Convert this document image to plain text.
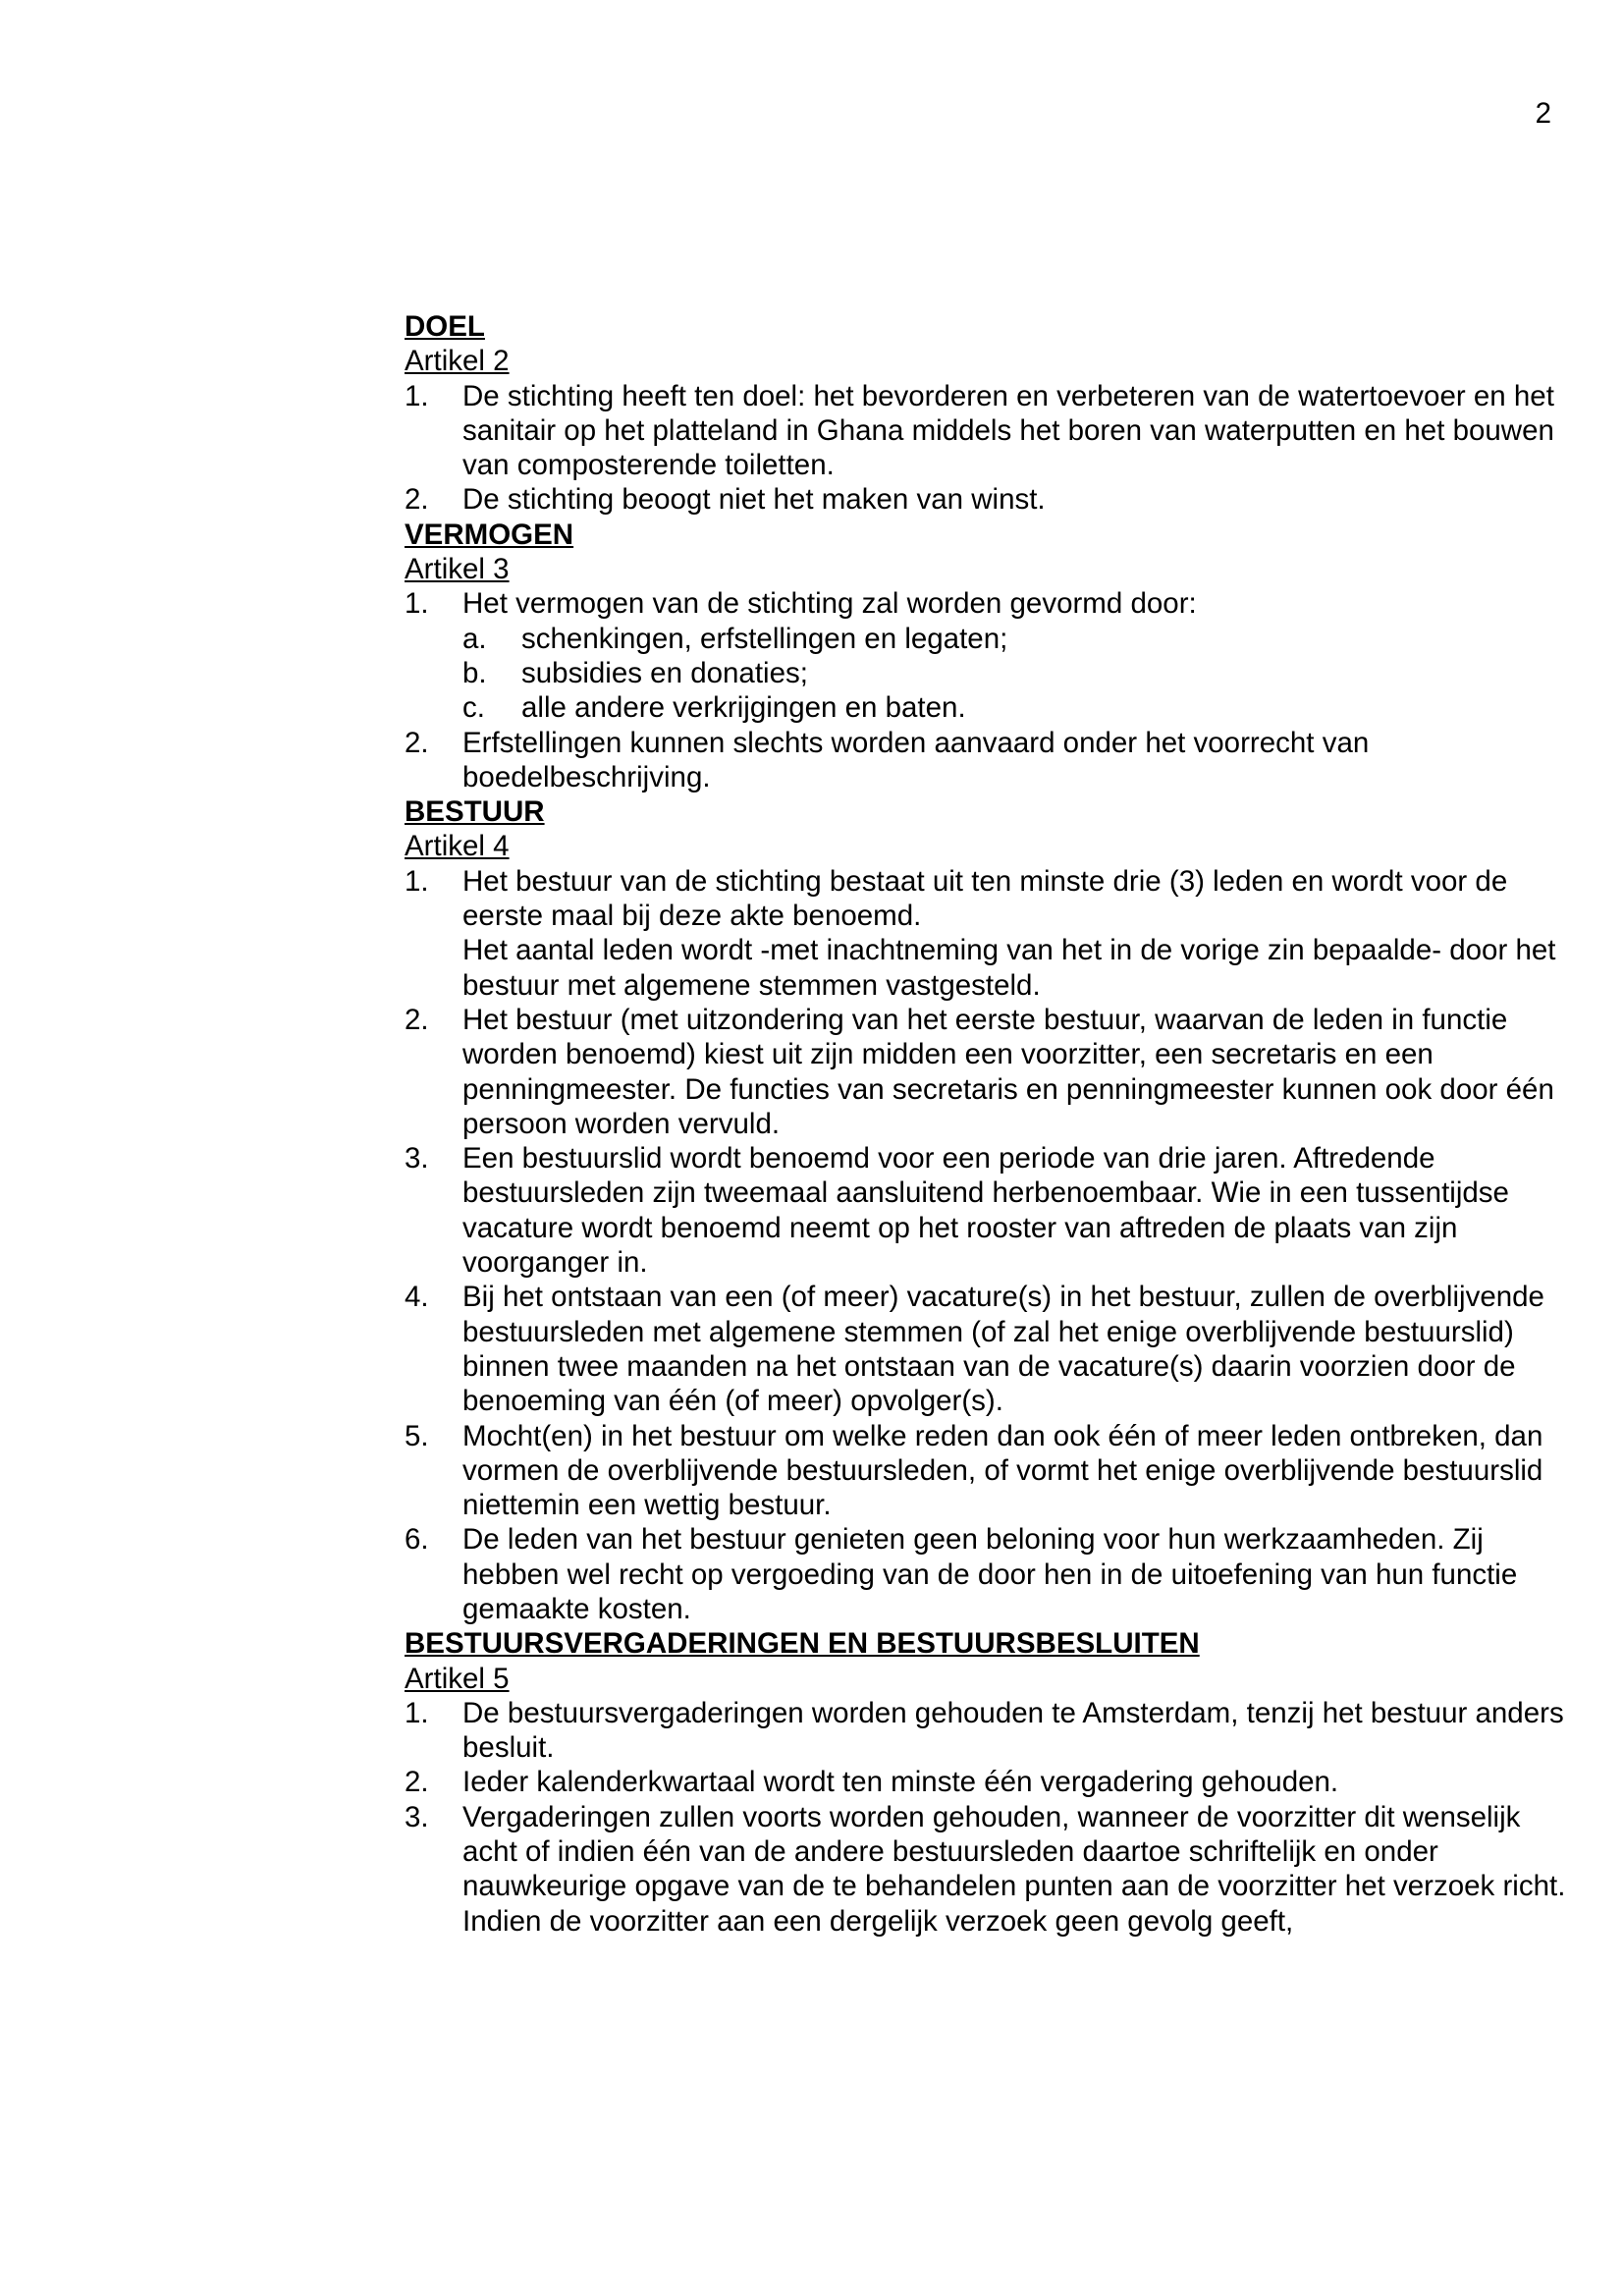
2
DOEL
Artikel 2
1. De stichting heeft ten doel: het bevorderen en verbeteren van de watertoevoer en het sanitair op het platteland in Ghana middels het boren van waterputten en het bouwen van composterende toiletten.
2. De stichting beoogt niet het maken van winst.
VERMOGEN
Artikel 3
1. Het vermogen van de stichting zal worden gevormd door:
a. schenkingen, erfstellingen en legaten;
b. subsidies en donaties;
c. alle andere verkrijgingen en baten.
2. Erfstellingen kunnen slechts worden aanvaard onder het voorrecht van boedelbeschrijving.
BESTUUR
Artikel 4
1. Het bestuur van de stichting bestaat uit ten minste drie (3) leden en wordt voor de eerste maal bij deze akte benoemd.
Het aantal leden wordt -met inachtneming van het in de vorige zin bepaalde- door het bestuur met algemene stemmen vastgesteld.
2. Het bestuur (met uitzondering van het eerste bestuur, waarvan de leden in functie worden benoemd) kiest uit zijn midden een voorzitter, een secretaris en een penningmeester. De functies van secretaris en penningmeester kunnen ook door één persoon worden vervuld.
3. Een bestuurslid wordt benoemd voor een periode van drie jaren. Aftredende bestuursleden zijn tweemaal aansluitend herbenoembaar. Wie in een tussentijdse vacature wordt benoemd neemt op het rooster van aftreden de plaats van zijn voorganger in.
4. Bij het ontstaan van een (of meer) vacature(s) in het bestuur, zullen de overblijvende bestuursleden met algemene stemmen (of zal het enige overblijvende bestuurslid) binnen twee maanden na het ontstaan van de vacature(s) daarin voorzien door de benoeming van één (of meer) opvolger(s).
5. Mocht(en) in het bestuur om welke reden dan ook één of meer leden ontbreken, dan vormen de overblijvende bestuursleden, of vormt het enige overblijvende bestuurslid niettemin een wettig bestuur.
6. De leden van het bestuur genieten geen beloning voor hun werkzaamheden. Zij hebben wel recht op vergoeding van de door hen in de uitoefening van hun functie gemaakte kosten.
BESTUURSVERGADERINGEN EN BESTUURSBESLUITEN
Artikel 5
1. De bestuursvergaderingen worden gehouden te Amsterdam, tenzij het bestuur anders besluit.
2. Ieder kalenderkwartaal wordt ten minste één vergadering gehouden.
3. Vergaderingen zullen voorts worden gehouden, wanneer de voorzitter dit wenselijk acht of indien één van de andere bestuursleden daartoe schriftelijk en onder nauwkeurige opgave van de te behandelen punten aan de voorzitter het verzoek richt. Indien de voorzitter aan een dergelijk verzoek geen gevolg geeft,
